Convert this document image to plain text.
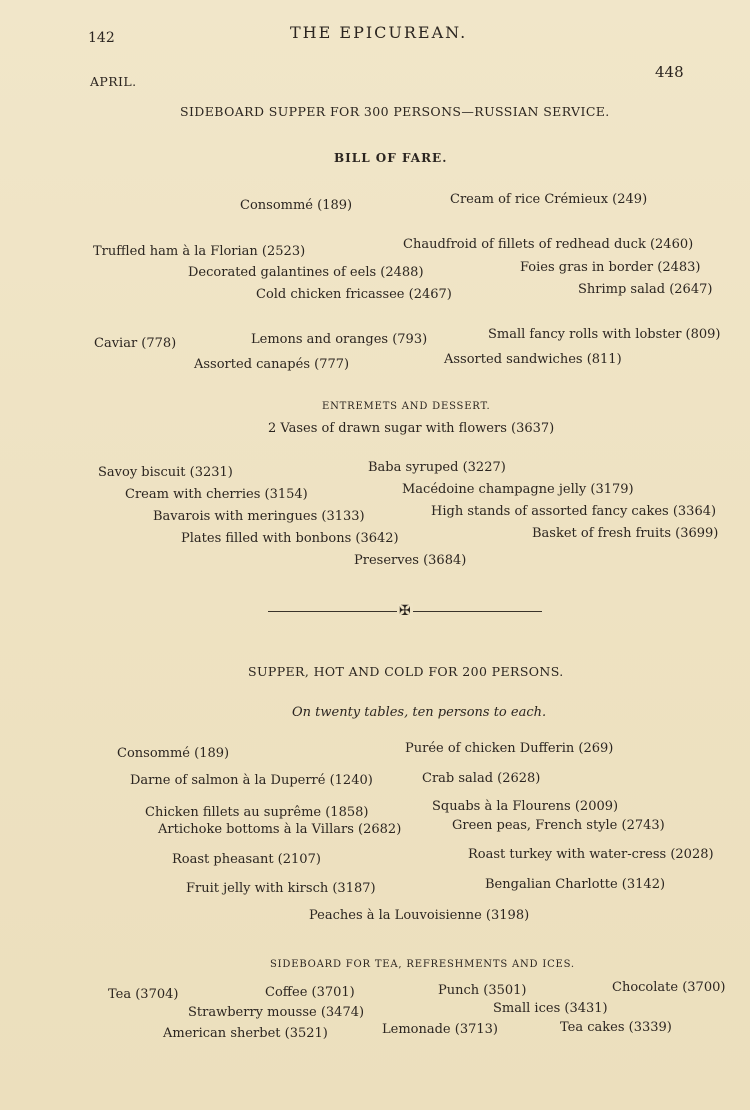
142	THE EPICUREAN.
APRIL.
448
SIDEBOARD SUPPER FOR 300 PERSONS—RUSSIAN SERVICE.
BILL OF FARE.
Consommé (189)	Cream of rice Crémieux (249)
Truffled ham à la Florian (2523)	Chaudfroid of fillets of redhead duck (2460)
Decorated galantines of eels (2488)	Foies gras in border (2483)
Cold chicken fricassee (2467)	Shrimp salad (2647)
Caviar (778)	Lemons and oranges (793)	Small fancy rolls with lobster (809)
Assorted canapés (777)	Assorted sandwiches (811)
ENTREMETS AND DESSERT.
2 Vases of drawn sugar with flowers (3637)
Savoy biscuit (3231)	Baba syruped (3227)
Cream with cherries (3154)	Macédoine champagne jelly (3179)
Bavarois with meringues (3133)	High stands of assorted fancy cakes (3364)
Plates filled with bonbons (3642)	Basket of fresh fruits (3699)
Preserves (3684)
✠
SUPPER, HOT AND COLD FOR 200 PERSONS.
On twenty tables, ten persons to each.
Consommé (189)	Purée of chicken Dufferin (269)
Darne of salmon à la Duperré (1240)	Crab salad (2628)
Chicken fillets au suprême (1858)	Squabs à la Flourens (2009)
Artichoke bottoms à la Villars (2682)	Green peas, French style (2743)
Roast pheasant (2107)	Roast turkey with water-cress (2028)
Fruit jelly with kirsch (3187)	Bengalian Charlotte (3142)
Peaches à la Louvoisienne (3198)
SIDEBOARD FOR TEA, REFRESHMENTS AND ICES.
Tea (3704)	Coffee (3701)	Punch (3501)	Chocolate (3700)
Strawberry mousse (3474)	Small ices (3431)
American sherbet (3521)	Lemonade (3713)	Tea cakes (3339)
